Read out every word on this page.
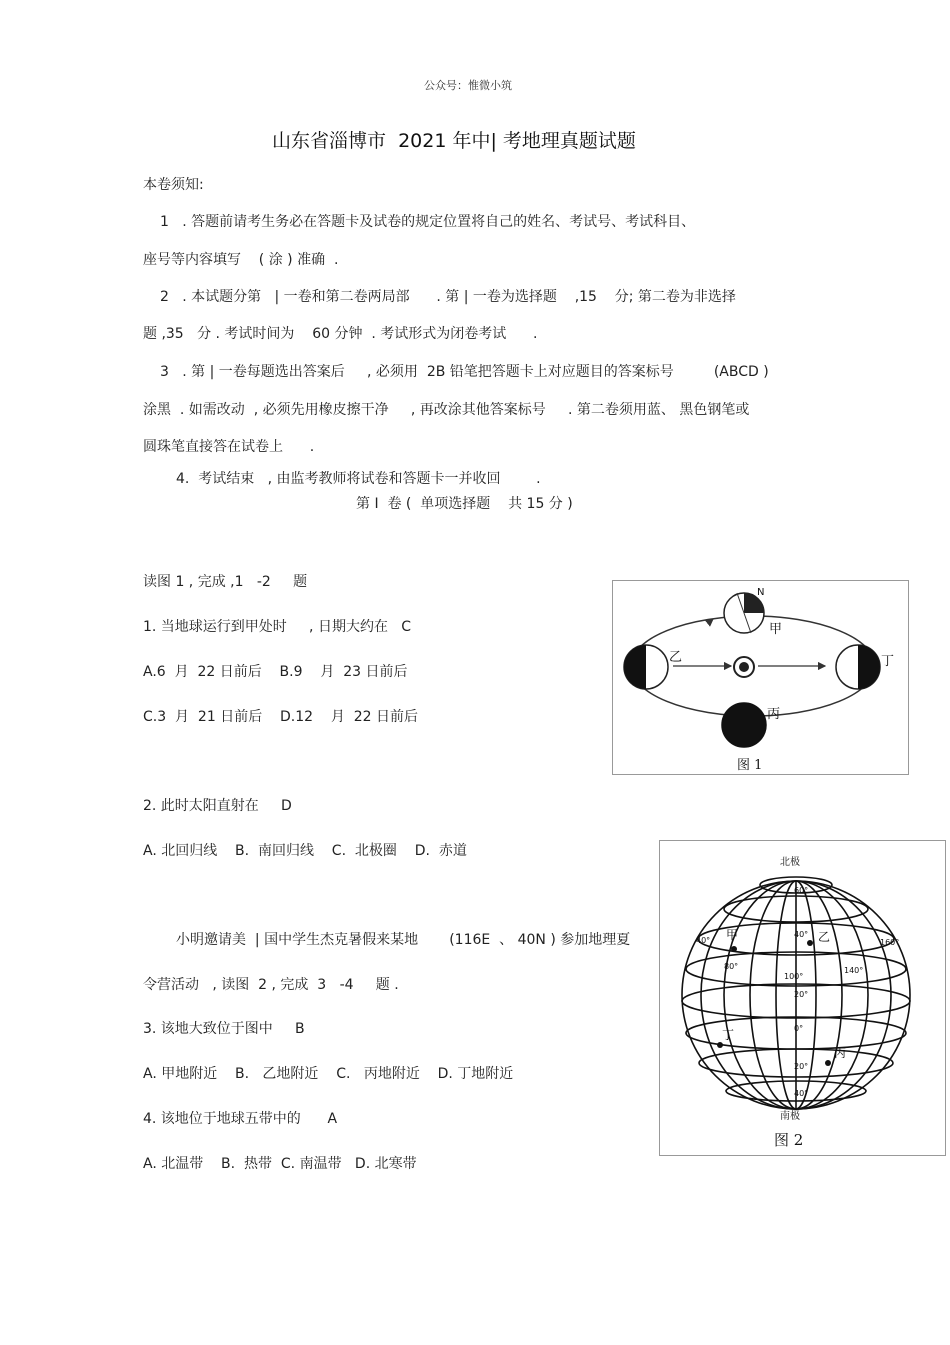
公众号：惟微小筑
山东省淄博市  2021 年中| 考地理真题试题
本卷须知:
1   . 答题前请考生务必在答题卡及试卷的规定位置将自己的姓名、考试号、考试科目、
座号等内容填写    ( 涂 ) 准确  .
2   . 本试题分第   | 一卷和第二卷两局部      . 第 | 一卷为选择题    ,15    分; 第二卷为非选择
题 ,35   分 . 考试时间为    60 分钟  . 考试形式为闭卷考试      .
3   . 第 | 一卷每题选出答案后     , 必须用  2B 铅笔把答题卡上对应题目的答案标号         (ABCD )
涂黑  . 如需改动  , 必须先用橡皮擦干净     , 再改涂其他答案标号     . 第二卷须用蓝、 黑色钢笔或
圆珠笔直接答在试卷上      .
4.  考试结束   , 由监考教师将试卷和答题卡一并收回        .
第 I  卷 (  单项选择题    共 15 分 )
读图 1 , 完成 ,1   -2     题
1. 当地球运行到甲处时     , 日期大约在   C
A.6  月  22 日前后    B.9    月  23 日前后
C.3  月  21 日前后    D.12    月  22 日前后
2. 此时太阳直射在     D
A. 北回归线    B.  南回归线    C.  北极圈    D.  赤道
小明邀请美  | 国中学生杰克暑假来某地       (116E  、 40N ) 参加地理夏
令营活动   , 读图  2 , 完成  3   -4     题 .
3. 该地大致位于图中     B
A. 甲地附近    B.   乙地附近    C.   丙地附近    D. 丁地附近
4. 该地位于地球五带中的      A
A. 北温带    B.  热带  C. 南温带   D. 北寒带
甲
乙
丙
丁
N
图 1
北极
南极
甲	乙
丙
丁
60°
40°
20°
0°
20°
40°
100°
140°
160°
40°
80°
图 2
